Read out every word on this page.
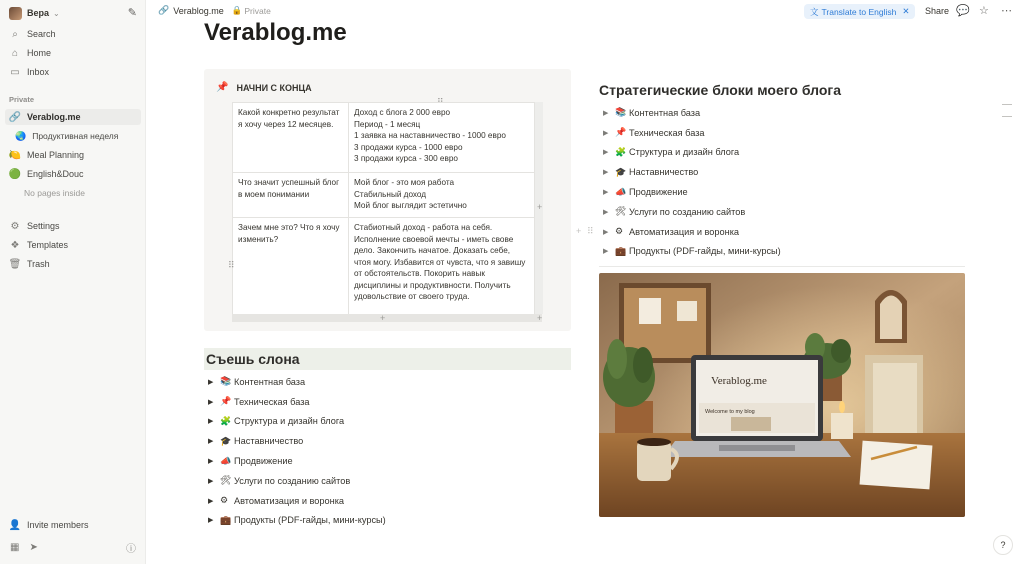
Вера ⌄	✎
⌕	Search
⌂ Home
▭ Inbox
Private
🔗 Verablog.me
🌏 Продуктивная неделя
🍋 Meal Planning
🟢 English&Douc
No pages inside
⚙ Settings
❖ Templates
🗑 Trash
👤 Invite members
▦ ➤	ⓘ
🔗 Verablog.me 🔒 Private	文 Translate to English ✕ Share 💬 ☆ ⋯
Verablog.me
📌 НАЧНИ С КОНЦА
Какой конкретно результат я хочу через 12 месяцев.	Доход с блога 2 000 евро
Период - 1 месяц
1 заявка на наставничество - 1000 евро
3 продажи курса - 1000 евро
3 продажи курса - 300 евро

Что значит успешный блог в моем понимании	Мой блог - это моя работа
Стабильный доход
Мой блог выглядит эстетично

Зачем мне это? Что я хочу изменить?	Стабиотный доход - работа на себя. Исполнение своевой мечты - иметь свове дело. Закончить начатое. Доказать себе, чтоя могу. Избавится от чувста, что я завишу от обстоятельств. Покорить навык дисциплины и продуктивности. Получить удовольствие от своего труда.
+
+
+
⠿
Съешь слона
▶ 📚 Контентная база
▶ 📌 Техническая база
▶ 🧩 Структура и дизайн блога
▶ 🎓 Наставничество
▶ 📣 Продвижение
▶ 🛠 Услуги по созданию сайтов
▶ ⚙ Автоматизация и воронка
▶ 💼 Продукты (PDF-гайды, мини-курсы)
Стратегические блоки моего блога
▶ 📚 Контентная база
▶ 📌 Техническая база
▶ 🧩 Структура и дизайн блога
▶ 🎓 Наставничество
▶ 📣 Продвижение
▶ 🛠 Услуги по созданию сайтов
▶ ⚙ Автоматизация и воронка
▶ 💼 Продукты (PDF-гайды, мини-курсы)
+ ⠿
Verablog.me
Welcome to my blog
?
